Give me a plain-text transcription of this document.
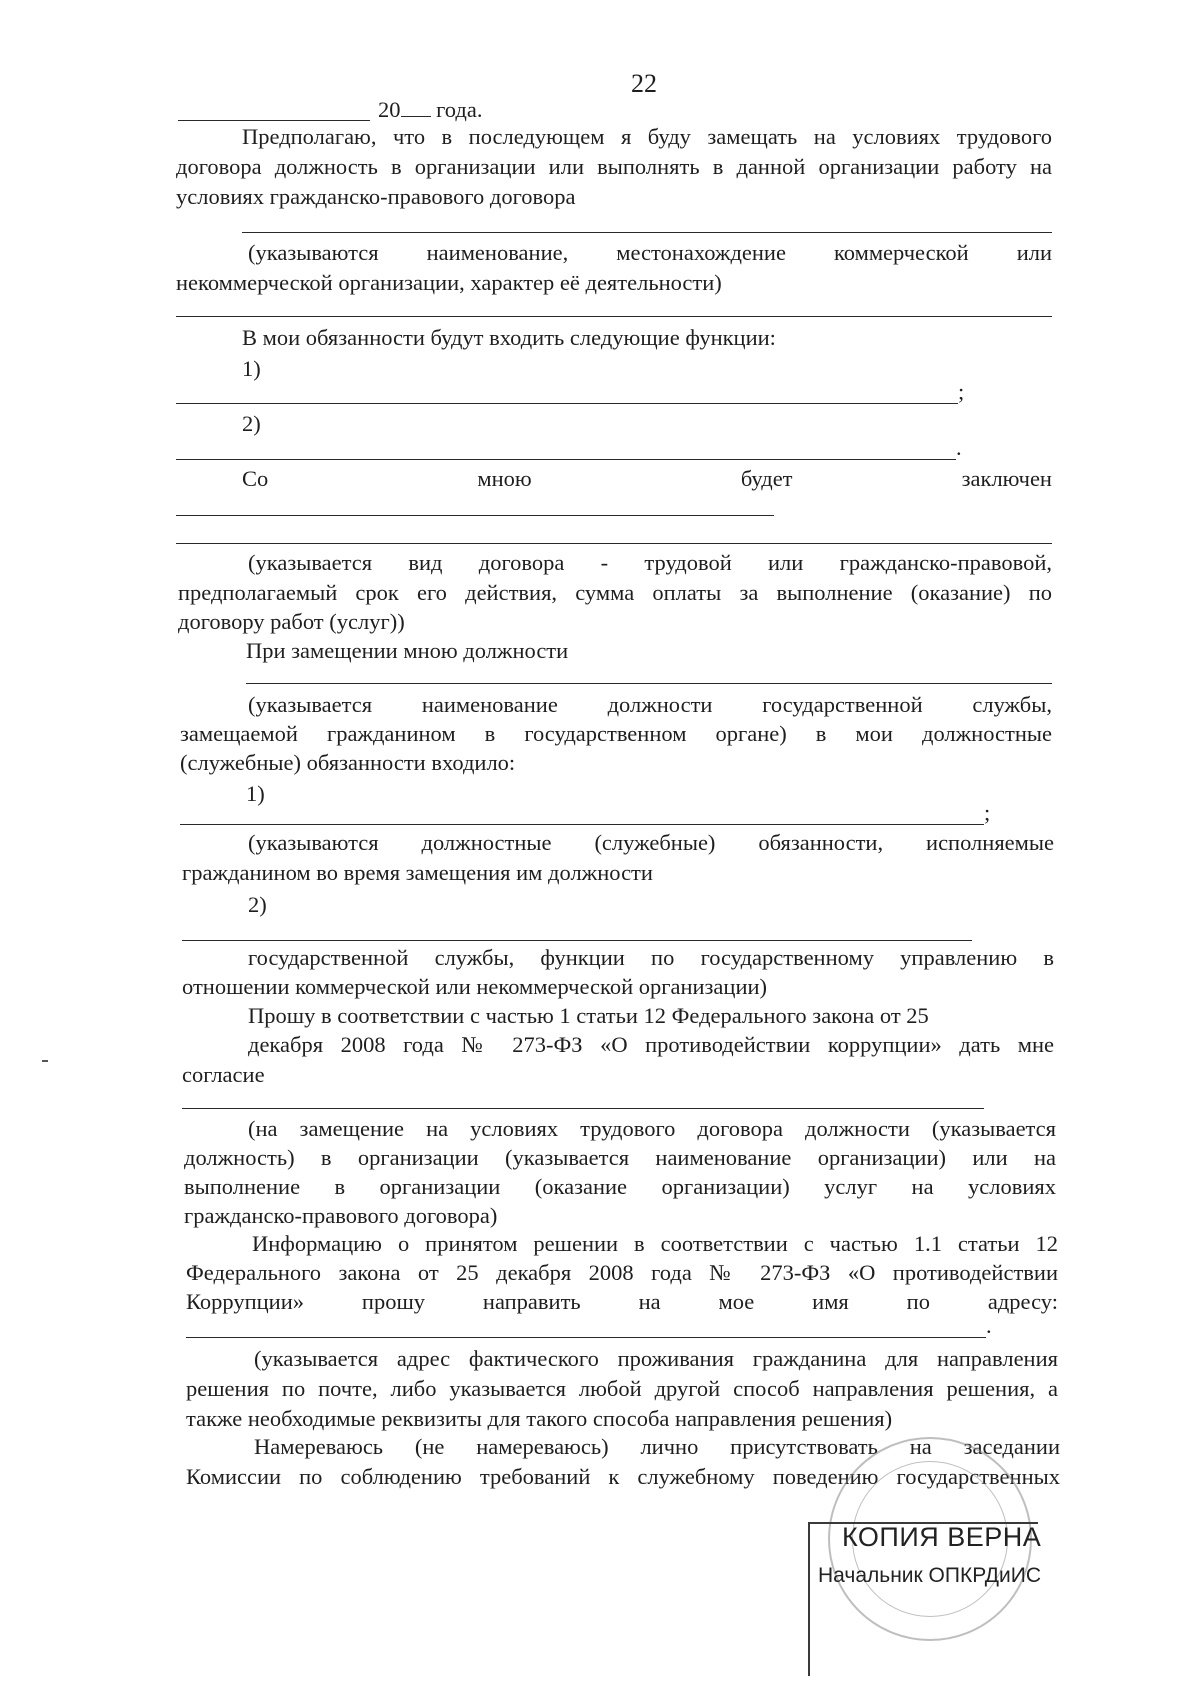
22
20 года.
Предполагаю, что в последующем я буду замещать на условиях трудового
договора должность в организации или выполнять в данной организации работу на
условиях гражданско-правового договора
(указываются наименование, местонахождение коммерческой или
некоммерческой организации, характер её деятельности)
В мои обязанности будут входить следующие функции:
1)
;
2)
.
Со	мною	будет	заключен
(указывается вид договора - трудовой или гражданско-правовой,
предполагаемый срок его действия, сумма оплаты за выполнение (оказание) по
договору работ (услуг))
При замещении мною должности
(указывается наименование должности государственной службы,
замещаемой гражданином в государственном органе) в мои должностные
(служебные) обязанности входило:
1)
;
(указываются должностные (служебные) обязанности, исполняемые
гражданином во время замещения им должности
2)
государственной службы, функции по государственному управлению в
отношении коммерческой или некоммерческой организации)
Прошу в соответствии с частью 1 статьи 12 Федерального закона от 25
декабря 2008 года № 273-ФЗ «О противодействии коррупции» дать мне
согласие
(на замещение на условиях трудового договора должности (указывается
должность) в организации (указывается наименование организации) или на
выполнение в организации (оказание организации) услуг на условиях
гражданско-правового договора)
Информацию о принятом решении в соответствии с частью 1.1 статьи 12
Федерального закона от 25 декабря 2008 года № 273-ФЗ «О противодействии
Коррупции» прошу направить на мое имя по адресу:
.
(указывается адрес фактического проживания гражданина для направления
решения по почте, либо указывается любой другой способ направления решения, а
также необходимые реквизиты для такого способа направления решения)
Намереваюсь (не намереваюсь) лично присутствовать на заседании
Комиссии по соблюдению требований к служебному поведению государственных
КОПИЯ ВЕРНА
Начальник ОПКРДиИС
